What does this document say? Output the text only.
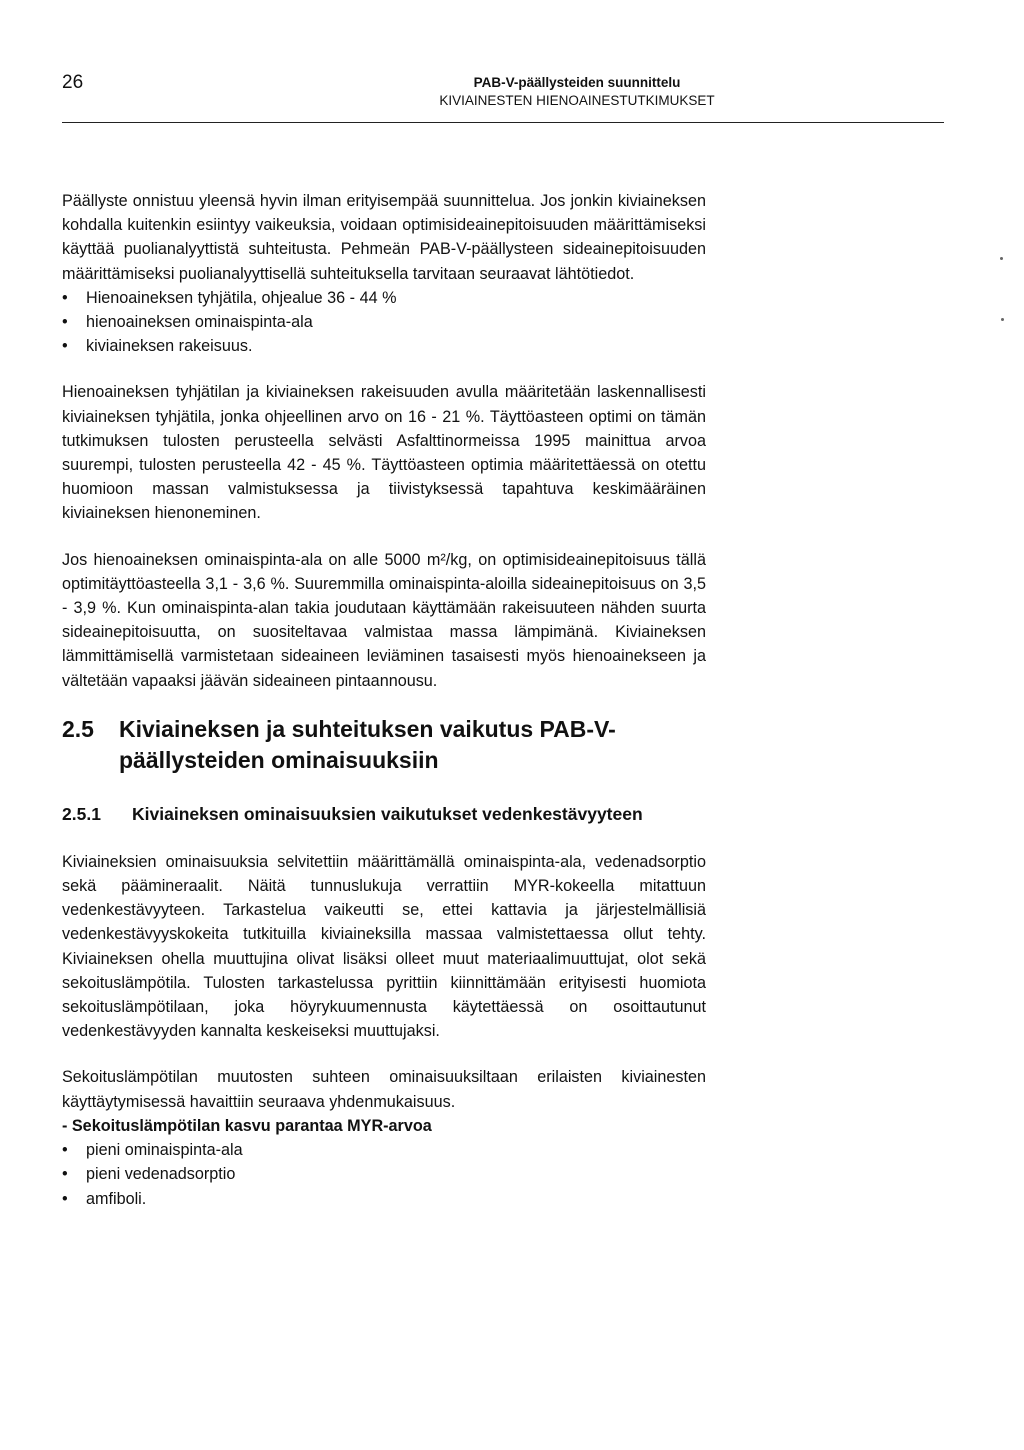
26	PAB-V-päällysteiden suunnittelu
KIVIAINESTEN HIENOAINESTUTKIMUKSET

Päällyste onnistuu yleensä hyvin ilman erityisempää suunnittelua. Jos jonkin kiviaineksen kohdalla kuitenkin esiintyy vaikeuksia, voidaan optimisideainepitoisuuden määrittämiseksi käyttää puolianalyyttistä suhteitusta. Pehmeän PAB-V-päällysteen sideainepitoisuuden määrittämiseksi puolianalyyttisellä suhteituksella tarvitaan seuraavat lähtötiedot.

• Hienoaineksen tyhjätila, ohjealue 36 - 44 %
• hienoaineksen ominaispinta-ala
• kiviaineksen rakeisuus.

Hienoaineksen tyhjätilan ja kiviaineksen rakeisuuden avulla määritetään laskennallisesti kiviaineksen tyhjätila, jonka ohjeellinen arvo on 16 - 21 %. Täyttöasteen optimi on tämän tutkimuksen tulosten perusteella selvästi Asfalttinormeissa 1995 mainittua arvoa suurempi, tulosten perusteella 42 - 45 %. Täyttöasteen optimia määritettäessä on otettu huomioon massan valmistuksessa ja tiivistyksessä tapahtuva keskimääräinen kiviaineksen hienoneminen.

Jos hienoaineksen ominaispinta-ala on alle 5000 m²/kg, on optimisideainepitoisuus tällä optimitäyttöasteella 3,1 - 3,6 %. Suuremmilla ominaispinta-aloilla sideainepitoisuus on 3,5 - 3,9 %. Kun ominaispinta-alan takia joudutaan käyttämään rakeisuuteen nähden suurta sideainepitoisuutta, on suositeltavaa valmistaa massa lämpimänä. Kiviaineksen lämmittämisellä varmistetaan sideaineen leviäminen tasaisesti myös hienoainekseen ja vältetään vapaaksi jäävän sideaineen pintaannousu.

2.5	Kiviaineksen ja suhteituksen vaikutus PAB-V-päällysteiden ominaisuuksiin
2.5.1	Kiviaineksen ominaisuuksien vaikutukset vedenkestävyyteen

Kiviaineksien ominaisuuksia selvitettiin määrittämällä ominaispinta-ala, vedenadsorptio sekä päämineraalit. Näitä tunnuslukuja verrattiin MYR-kokeella mitattuun vedenkestävyyteen. Tarkastelua vaikeutti se, ettei kattavia ja järjestelmällisiä vedenkestävyyskokeita tutkituilla kiviaineksilla massaa valmistettaessa ollut tehty. Kiviaineksen ohella muuttujina olivat lisäksi olleet muut materiaalimuuttujat, olot sekä sekoituslämpötila. Tulosten tarkastelussa pyrittiin kiinnittämään erityisesti huomiota sekoituslämpötilaan, joka höyrykuumennusta käytettäessä on osoittautunut vedenkestävyyden kannalta keskeiseksi muuttujaksi.

Sekoituslämpötilan muutosten suhteen ominaisuuksiltaan erilaisten kiviainesten käyttäytymisessä havaittiin seuraava yhdenmukaisuus.

- Sekoituslämpötilan kasvu parantaa MYR-arvoa

• pieni ominaispinta-ala
• pieni vedenadsorptio
• amfiboli.
